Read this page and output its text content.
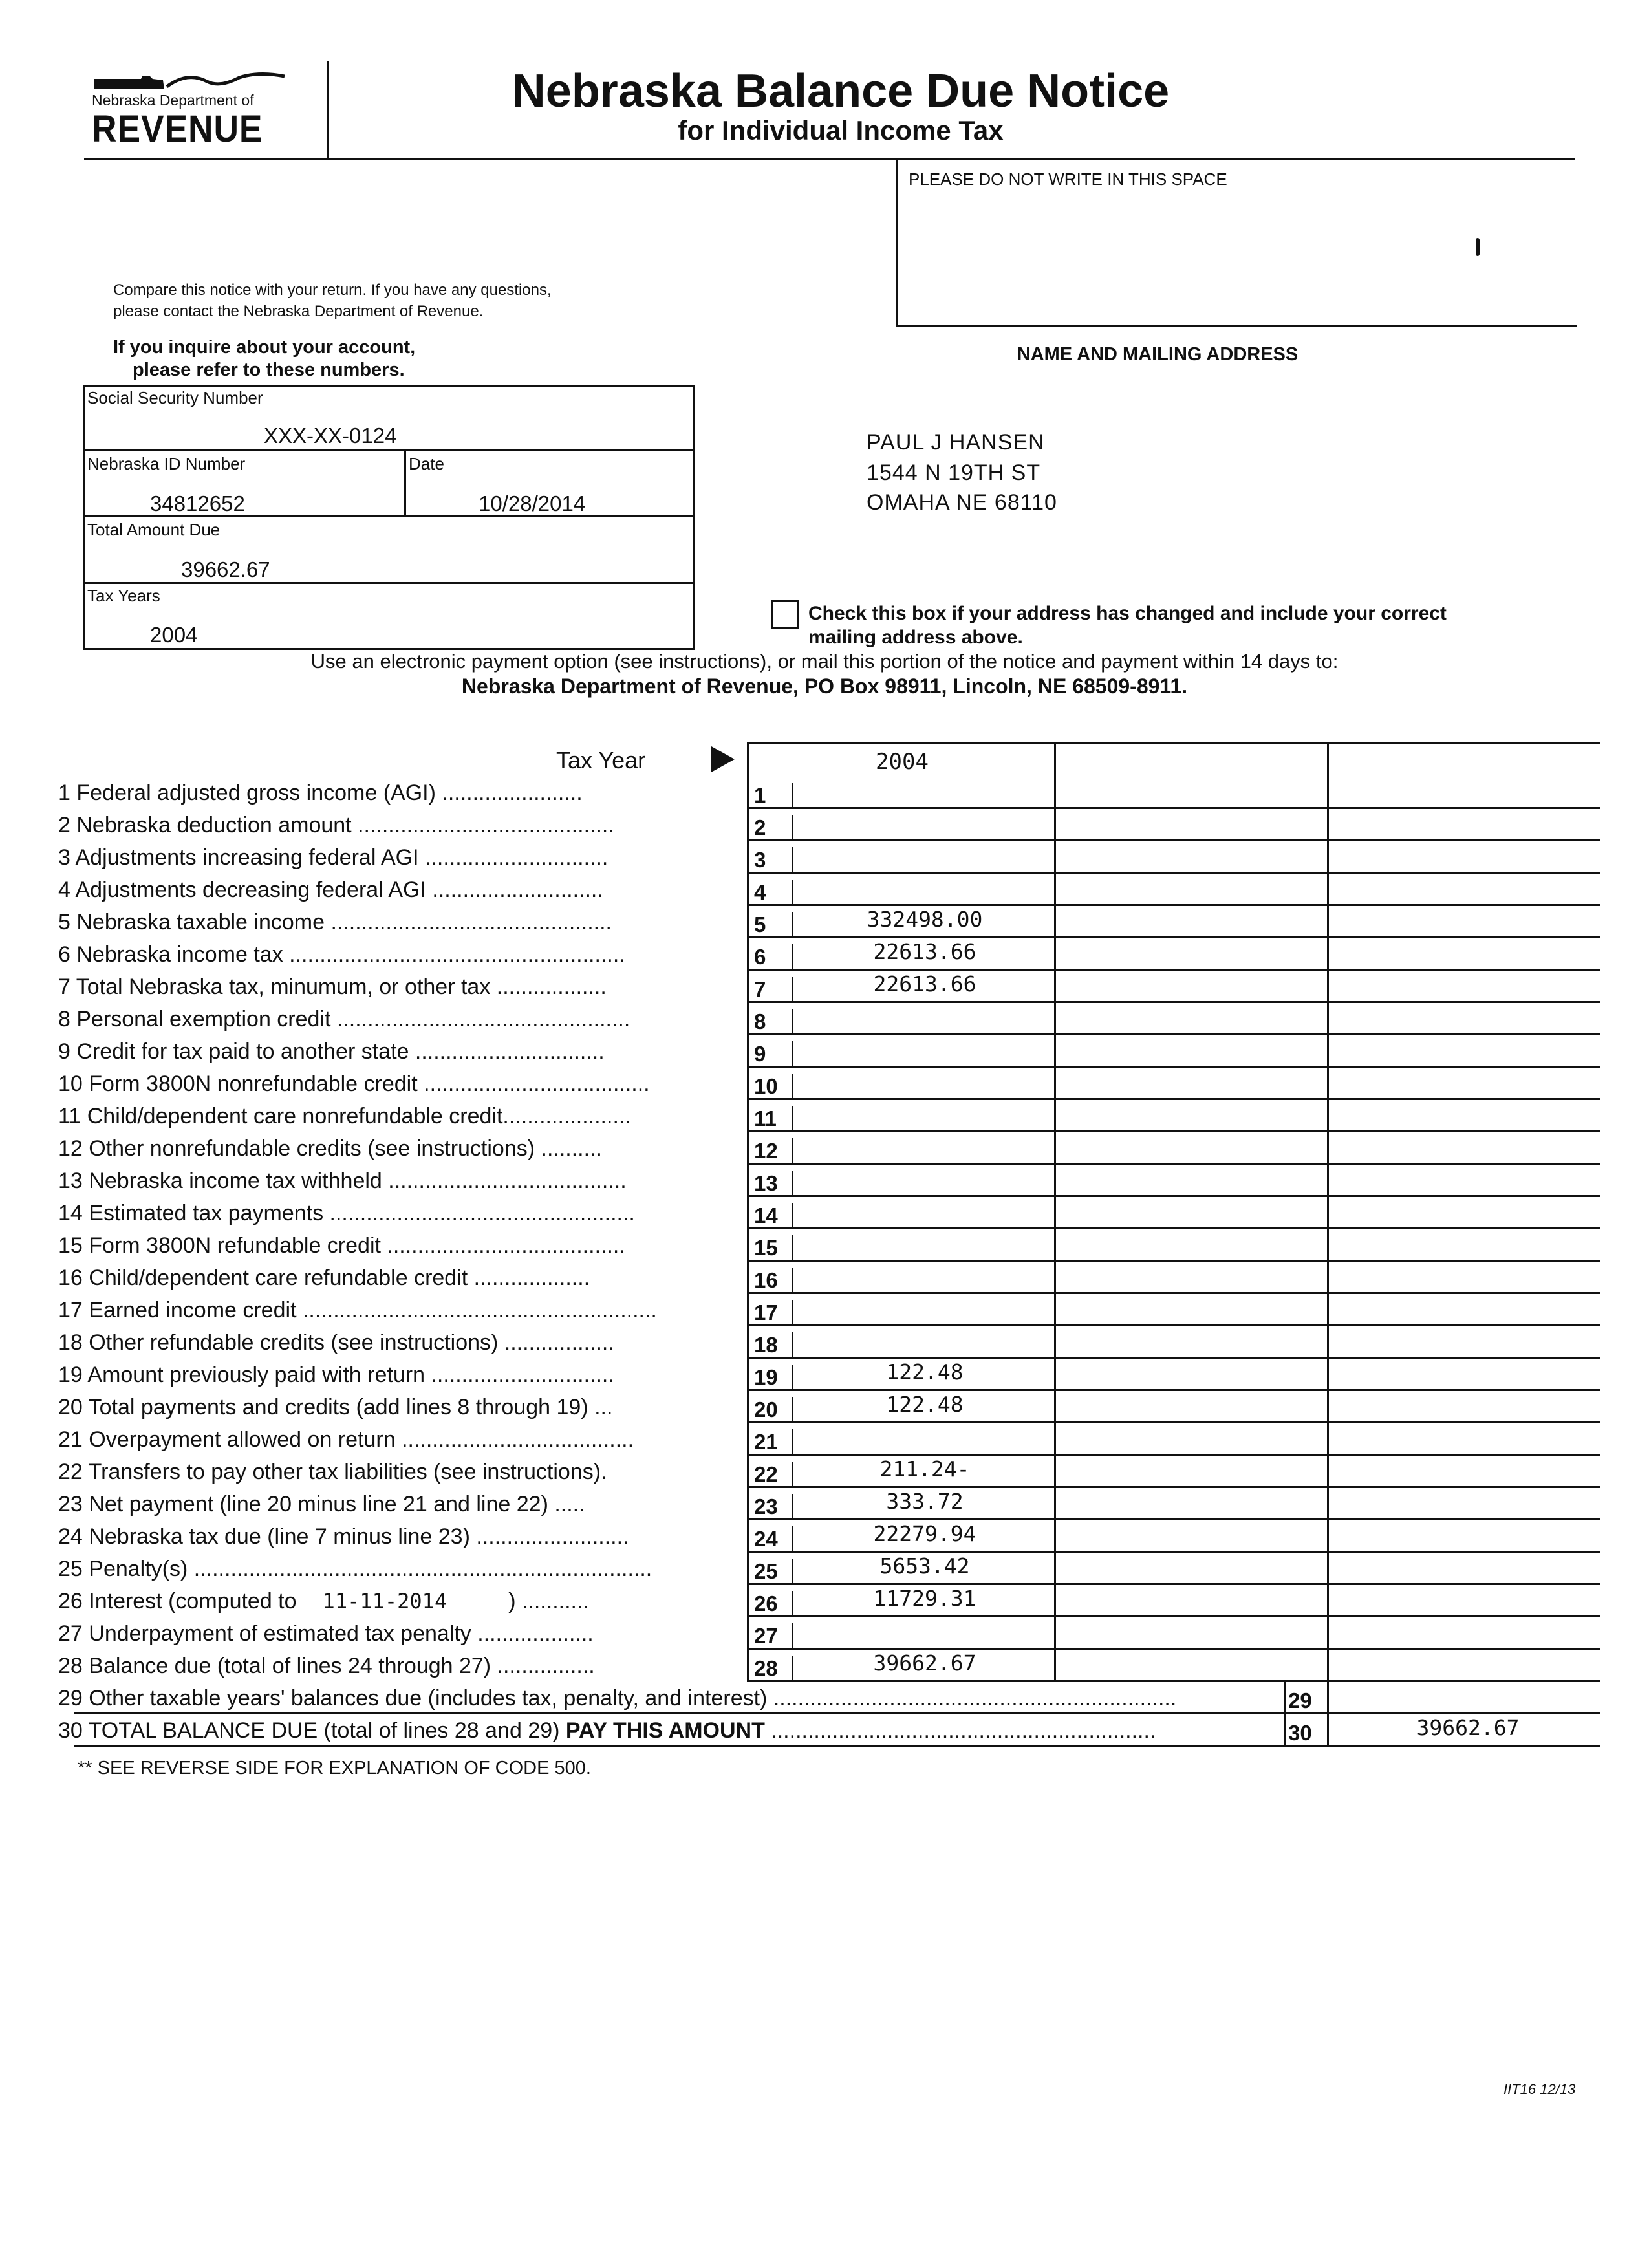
Nebraska Department of
REVENUE
Nebraska Balance Due Notice
for Individual Income Tax
PLEASE DO NOT WRITE IN THIS SPACE
Compare this notice with your return. If you have any questions,
please contact the Nebraska Department of Revenue.
If you inquire about your account,
please refer to these numbers.
Social Security Number
XXX-XX-0124
Nebraska ID Number
34812652
Date
10/28/2014
Total Amount Due
39662.67
Tax Years
2004
NAME AND MAILING ADDRESS
PAUL J HANSEN
1544 N 19TH ST
OMAHA NE 68110
Check this box if your address has changed and include your correct
mailing address above.
Use an electronic payment option (see instructions), or mail this portion of the notice and payment within 14 days to:
Nebraska Department of Revenue, PO Box 98911, Lincoln, NE 68509-8911.
Tax Year	2004
1 Federal adjusted gross income (AGI) .......................	1
2 Nebraska deduction amount ..........................................	2
3 Adjustments increasing federal AGI ..............................	3
4 Adjustments decreasing federal AGI ............................	4
5 Nebraska taxable income ..............................................	5	332498.00
6 Nebraska income tax .......................................................	6	22613.66
7 Total Nebraska tax, minumum, or other tax ..................	7	22613.66
8 Personal exemption credit ................................................	8
9 Credit for tax paid to another state ...............................	9
10 Form 3800N nonrefundable credit .....................................	10
11 Child/dependent care nonrefundable credit.....................	11
12 Other nonrefundable credits (see instructions) ..........	12
13 Nebraska income tax withheld .......................................	13
14 Estimated tax payments ..................................................	14
15 Form 3800N refundable credit .......................................	15
16 Child/dependent care refundable credit ...................	16
17 Earned income credit ..........................................................	17
18 Other refundable credits (see instructions) ..................	18
19 Amount previously paid with return ..............................	19	122.48
20 Total payments and credits (add lines 8 through 19) ...	20	122.48
21 Overpayment allowed on return ......................................	21
22 Transfers to pay other tax liabilities (see instructions).	22	211.24-
23 Net payment (line 20 minus line 21 and line 22) .....	23	333.72
24 Nebraska tax due (line 7 minus line 23) .........................	24	22279.94
25 Penalty(s) ...........................................................................	25	5653.42
26 Interest (computed to 11-11-2014	) ...........	26	11729.31
27 Underpayment of estimated tax penalty ...................	27
28 Balance due (total of lines 24 through 27) ................	28	39662.67
29 Other taxable years' balances due (includes tax, penalty, and interest) ..................................................................	29
30 TOTAL BALANCE DUE (total of lines 28 and 29) PAY THIS AMOUNT ...............................................................	30	39662.67
** SEE REVERSE SIDE FOR EXPLANATION OF CODE 500.
IIT16 12/13
